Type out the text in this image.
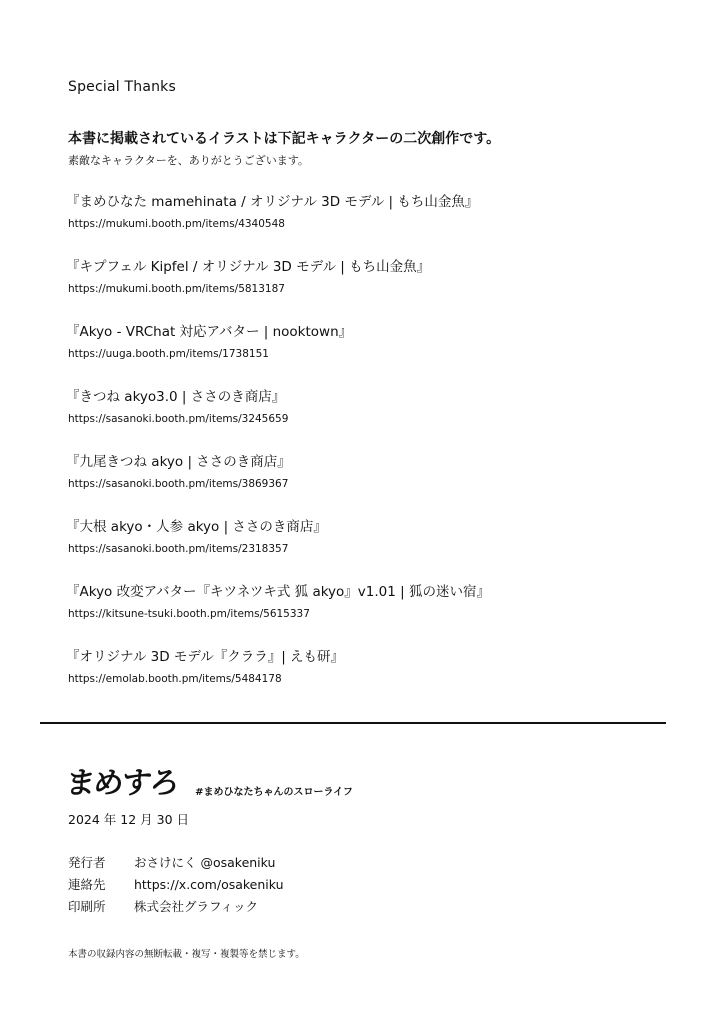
Special Thanks
本書に掲載されているイラストは下記キャラクターの二次創作です。
素敵なキャラクターを、ありがとうございます。
『まめひなた mamehinata / オリジナル 3D モデル | もち山金魚』
https://mukumi.booth.pm/items/4340548
『キプフェル Kipfel / オリジナル 3D モデル | もち山金魚』
https://mukumi.booth.pm/items/5813187
『Akyo - VRChat 対応アバター | nooktown』
https://uuga.booth.pm/items/1738151
『きつね akyo3.0 | ささのき商店』
https://sasanoki.booth.pm/items/3245659
『九尾きつね akyo | ささのき商店』
https://sasanoki.booth.pm/items/3869367
『大根 akyo・人参 akyo | ささのき商店』
https://sasanoki.booth.pm/items/2318357
『Akyo 改変アバター『キツネツキ式 狐 akyo』v1.01 | 狐の迷い宿』
https://kitsune-tsuki.booth.pm/items/5615337
『オリジナル 3D モデル『クララ』| えも研』
https://emolab.booth.pm/items/5484178
まめすろ #まめひなたちゃんのスローライフ
2024 年 12 月 30 日
発行者 おさけにく @osakeniku
連絡先 https://x.com/osakeniku
印刷所 株式会社グラフィック
本書の収録内容の無断転載・複写・複製等を禁じます。
